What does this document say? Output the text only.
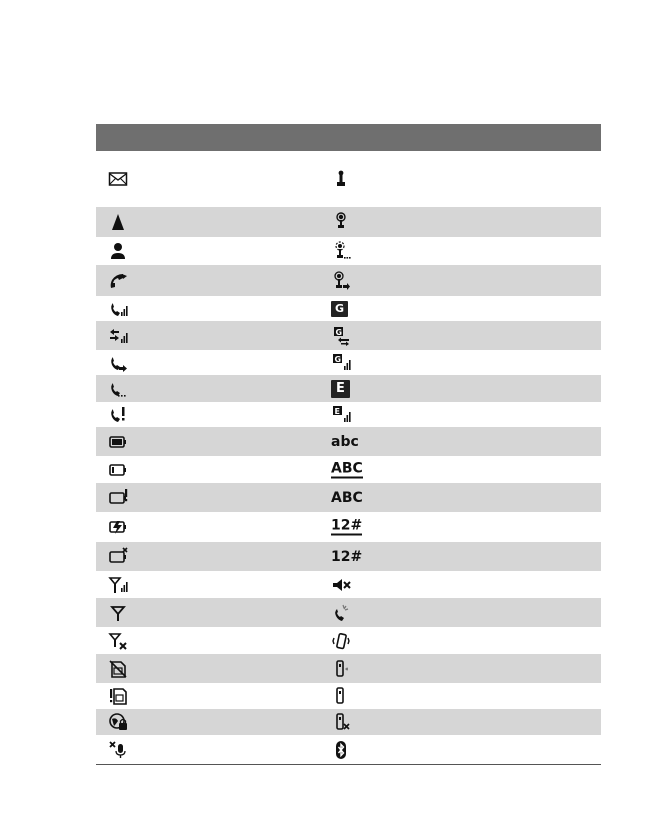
G
G
G
E
E
abc
ABC
ABC
12#
12#
